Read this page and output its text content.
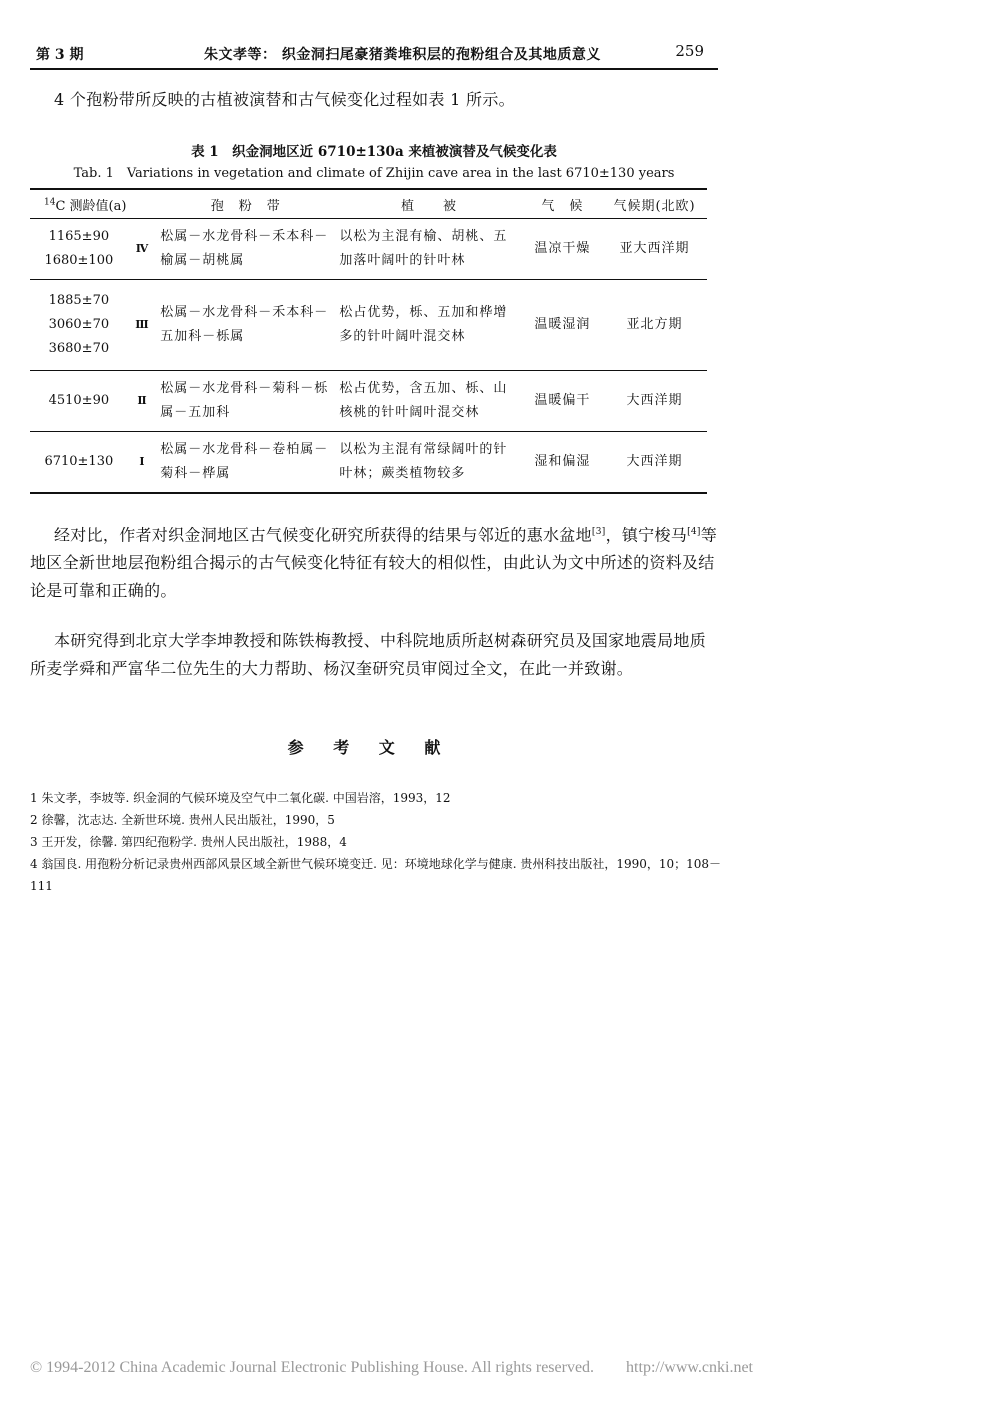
第 3 期	朱文孝等： 织金洞扫尾豪猪粪堆积层的孢粉组合及其地质意义	259
4 个孢粉带所反映的古植被演替和古气候变化过程如表 1 所示。
表 1　织金洞地区近 6710±130a 来植被演替及气候变化表
Tab. 1　Variations in vegetation and climate of Zhijin cave area in the last 6710±130 years
$^{14}$C 测龄值(a)		孢　粉　带	植　　被	气　候	气候期(北欧)

1165±90
1680±100	Ⅳ	松属－水龙骨科－禾本科－榆属－胡桃属	以松为主混有榆、胡桃、五加落叶阔叶的针叶林	温凉干燥	亚大西洋期

1885±70
3060±70
3680±70	Ⅲ	松属－水龙骨科－禾本科－五加科－栎属	松占优势，栎、五加和桦增多的针叶阔叶混交林	温暖湿润	亚北方期

4510±90	Ⅱ	松属－水龙骨科－菊科－栎属－五加科	松占优势，含五加、栎、山核桃的针叶阔叶混交林	温暖偏干	大西洋期

6710±130	Ⅰ	松属－水龙骨科－卷柏属－菊科－桦属	以松为主混有常绿阔叶的针叶林；蕨类植物较多	湿和偏湿	大西洋期
经对比，作者对织金洞地区古气候变化研究所获得的结果与邻近的惠水盆地[3]，镇宁梭马[4]等地区全新世地层孢粉组合揭示的古气候变化特征有较大的相似性，由此认为文中所述的资料及结论是可靠和正确的。
本研究得到北京大学李坤教授和陈铁梅教授、中科院地质所赵树森研究员及国家地震局地质所麦学舜和严富华二位先生的大力帮助、杨汉奎研究员审阅过全文，在此一并致谢。
参 考 文 献
1 朱文孝，李坡等. 织金洞的气候环境及空气中二氧化碳. 中国岩溶，1993，12
2 徐馨，沈志达. 全新世环境. 贵州人民出版社，1990，5
3 王开发，徐馨. 第四纪孢粉学. 贵州人民出版社，1988，4
4 翁国良. 用孢粉分析记录贵州西部风景区域全新世气候环境变迁. 见：环境地球化学与健康. 贵州科技出版社，1990，10；108－111
© 1994-2012 China Academic Journal Electronic Publishing House. All rights reserved.　　http://www.cnki.net
